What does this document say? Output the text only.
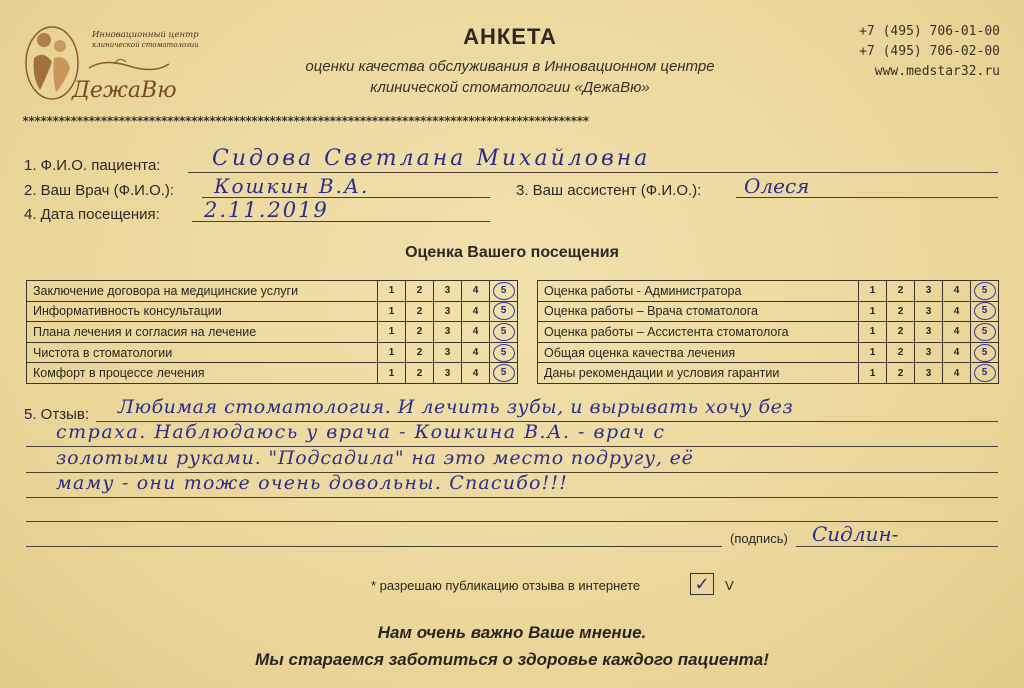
Инновационный центр
клинической стоматологии
ДежаВю
АНКЕТА
оценки качества обслуживания в Инновационном центре
клинической стоматологии «ДежаВю»
+7 (495) 706-01-00
+7 (495) 706-02-00
www.medstar32.ru
**********************************************************************************************
1. Ф.И.О. пациента: Сидова Светлана Михайловна
2. Ваш Врач (Ф.И.О.): Кошкин В.А.	3. Ваш ассистент (Ф.И.О.): Олеся
4. Дата посещения: 2.11.2019
Оценка Вашего посещения
Заключение договора на медицинские услуги	1	2	3	4	5
Информативность консультации	1	2	3	4	5
Плана лечения и согласия на лечение	1	2	3	4	5
Чистота в стоматологии	1	2	3	4	5
Комфорт в процессе лечения	1	2	3	4	5
Оценка работы - Администратора	1	2	3	4	5
Оценка работы – Врача стоматолога	1	2	3	4	5
Оценка работы – Ассистента стоматолога	1	2	3	4	5
Общая оценка качества лечения	1	2	3	4	5
Даны рекомендации и условия гарантии	1	2	3	4	5
5. Отзыв: Любимая стоматология. И лечить зубы, и вырывать хочу без
страха. Наблюдаюсь у врача - Кошкина В.А. - врач с
золотыми руками. "Подсадила" на это место подругу, её
маму - они тоже очень довольны. Спасибо!!!
(подпись) Сидлин-
* разрешаю публикацию отзыва в интернете	✓	V
Нам очень важно Ваше мнение.
Мы стараемся заботиться о здоровье каждого пациента!
